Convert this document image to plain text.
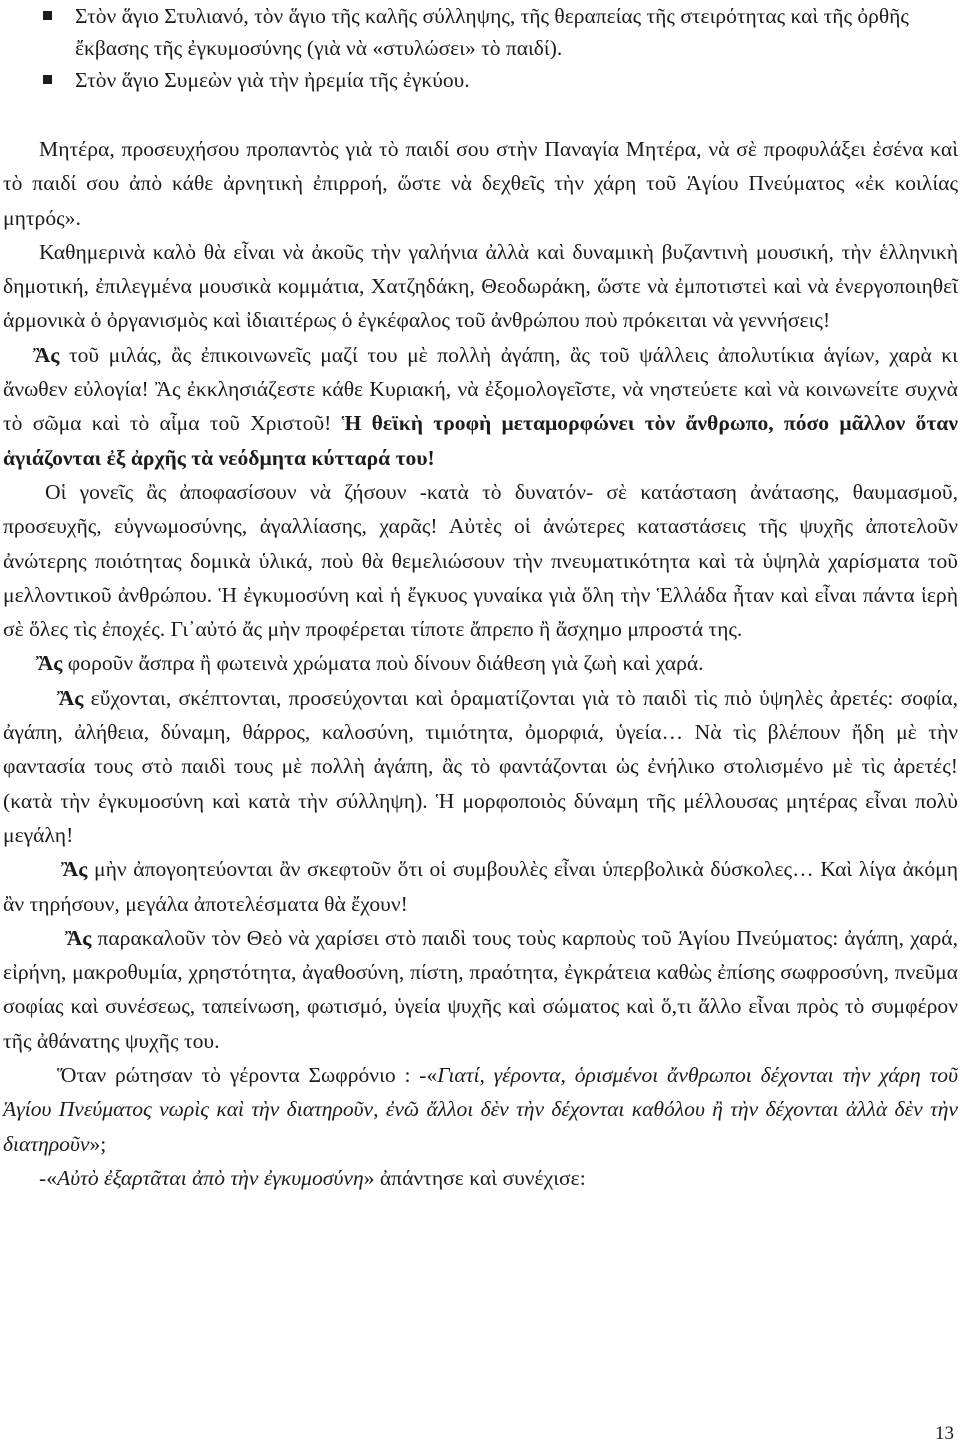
Στὸν ἅγιο Στυλιανό, τὸν ἅγιο τῆς καλῆς σύλληψης, τῆς θεραπείας τῆς στειρότητας καὶ τῆς ὀρθῆς ἔκβασης τῆς ἐγκυμοσύνης (γιὰ νὰ «στυλώσει» τὸ παιδί).
Στὸν ἅγιο Συμεὼν γιὰ τὴν ἠρεμία τῆς ἐγκύου.

Μητέρα, προσευχήσου προπαντὸς γιὰ τὸ παιδί σου στὴν Παναγία Μητέρα, νὰ σὲ προφυλάξει ἐσένα καὶ τὸ παιδί σου ἀπὸ κάθε ἀρνητικὴ ἐπιρροή, ὥστε νὰ δεχθεῖς τὴν χάρη τοῦ Ἁγίου Πνεύματος «ἐκ κοιλίας μητρός».

Καθημερινὰ καλὸ θὰ εἶναι νὰ ἀκοῦς τὴν γαλήνια ἀλλὰ καὶ δυναμικὴ βυζαντινὴ μουσική, τὴν ἑλληνικὴ δημοτική, ἐπιλεγμένα μουσικὰ κομμάτια, Χατζηδάκη, Θεοδωράκη, ὥστε νὰ ἐμποτιστεὶ καὶ νὰ ἐνεργοποιηθεῖ ἁρμονικὰ ὁ ὀργανισμὸς καὶ ἰδιαιτέρως ὁ ἐγκέφαλος τοῦ ἀνθρώπου ποὺ πρόκειται νὰ γεννήσεις!

Ἂς τοῦ μιλάς, ἂς ἐπικοινωνεῖς μαζί του μὲ πολλὴ ἀγάπη, ἂς τοῦ ψάλλεις ἀπολυτίκια ἁγίων, χαρὰ κι ἄνωθεν εὐλογία! Ἂς ἐκκλησιάζεστε κάθε Κυριακή, νὰ ἐξομολογεῖστε, νὰ νηστεύετε καὶ νὰ κοινωνείτε συχνὰ τὸ σῶμα καὶ τὸ αἷμα τοῦ Χριστοῦ! Ἡ θεϊκὴ τροφὴ μεταμορφώνει τὸν ἄνθρωπο, πόσο μᾶλλον ὅταν ἁγιάζονται ἐξ ἀρχῆς τὰ νεόδμητα κύτταρά του!

Οἱ γονεῖς ἂς ἀποφασίσουν νὰ ζήσουν -κατὰ τὸ δυνατόν- σὲ κατάσταση ἀνάτασης, θαυμασμοῦ, προσευχῆς, εὐγνωμοσύνης, ἀγαλλίασης, χαρᾶς! Αὐτὲς οἱ ἀνώτερες καταστάσεις τῆς ψυχῆς ἀποτελοῦν ἀνώτερης ποιότητας δομικὰ ὑλικά, ποὺ θὰ θεμελιώσουν τὴν πνευματικότητα καὶ τὰ ὑψηλὰ χαρίσματα τοῦ μελλοντικοῦ ἀνθρώπου. Ἡ ἐγκυμοσύνη καὶ ἡ ἔγκυος γυναίκα γιὰ ὅλη τὴν Ἑλλάδα ἦταν καὶ εἶναι πάντα ἱερὴ σὲ ὅλες τὶς ἐποχές. Γι᾽αὐτό ἄς μὴν προφέρεται τίποτε ἄπρεπο ἢ ἄσχημο μπροστά της.

Ἂς φοροῦν ἄσπρα ἢ φωτεινὰ χρώματα ποὺ δίνουν διάθεση γιὰ ζωὴ καὶ χαρά.

Ἂς εὔχονται, σκέπτονται, προσεύχονται καὶ ὁραματίζονται γιὰ τὸ παιδὶ τὶς πιὸ ὑψηλὲς ἀρετές: σοφία, ἀγάπη, ἀλήθεια, δύναμη, θάρρος, καλοσύνη, τιμιότητα, ὀμορφιά, ὑγεία… Νὰ τὶς βλέπουν ἤδη μὲ τὴν φαντασία τους στὸ παιδὶ τους μὲ πολλὴ ἀγάπη, ἂς τὸ φαντάζονται ὡς ἐνήλικο στολισμένο μὲ τὶς ἀρετές! (κατὰ τὴν ἐγκυμοσύνη καὶ κατὰ τὴν σύλληψη). Ἡ μορφοποιὸς δύναμη τῆς μέλλουσας μητέρας εἶναι πολὺ μεγάλη!

Ἂς μὴν ἀπογοητεύονται ἂν σκεφτοῦν ὅτι οἱ συμβουλὲς εἶναι ὑπερβολικὰ δύσκολες… Καὶ λίγα ἀκόμη ἂν τηρήσουν, μεγάλα ἀποτελέσματα θὰ ἔχουν!

Ἂς παρακαλοῦν τὸν Θεὸ νὰ χαρίσει στὸ παιδὶ τους τοὺς καρποὺς τοῦ Ἁγίου Πνεύματος: ἀγάπη, χαρά, εἰρήνη, μακροθυμία, χρηστότητα, ἀγαθοσύνη, πίστη, πραότητα, ἐγκράτεια καθὼς ἐπίσης σωφροσύνη, πνεῦμα σοφίας καὶ συνέσεως, ταπείνωση, φωτισμό, ὑγεία ψυχῆς καὶ σώματος καὶ ὅ,τι ἄλλο εἶναι πρὸς τὸ συμφέρον τῆς ἀθάνατης ψυχῆς του.

Ὅταν ρώτησαν τὸ γέροντα Σωφρόνιο : -«Γιατί, γέροντα, ὁρισμένοι ἄνθρωποι δέχονται τὴν χάρη τοῦ Ἁγίου Πνεύματος νωρὶς καὶ τὴν διατηροῦν, ἐνῶ ἄλλοι δὲν τὴν δέχονται καθόλου ἢ τὴν δέχονται ἀλλὰ δὲν τὴν διατηροῦν»;

-«Αὐτὸ ἐξαρτᾶται ἀπὸ τὴν ἐγκυμοσύνη» ἀπάντησε καὶ συνέχισε:

13
